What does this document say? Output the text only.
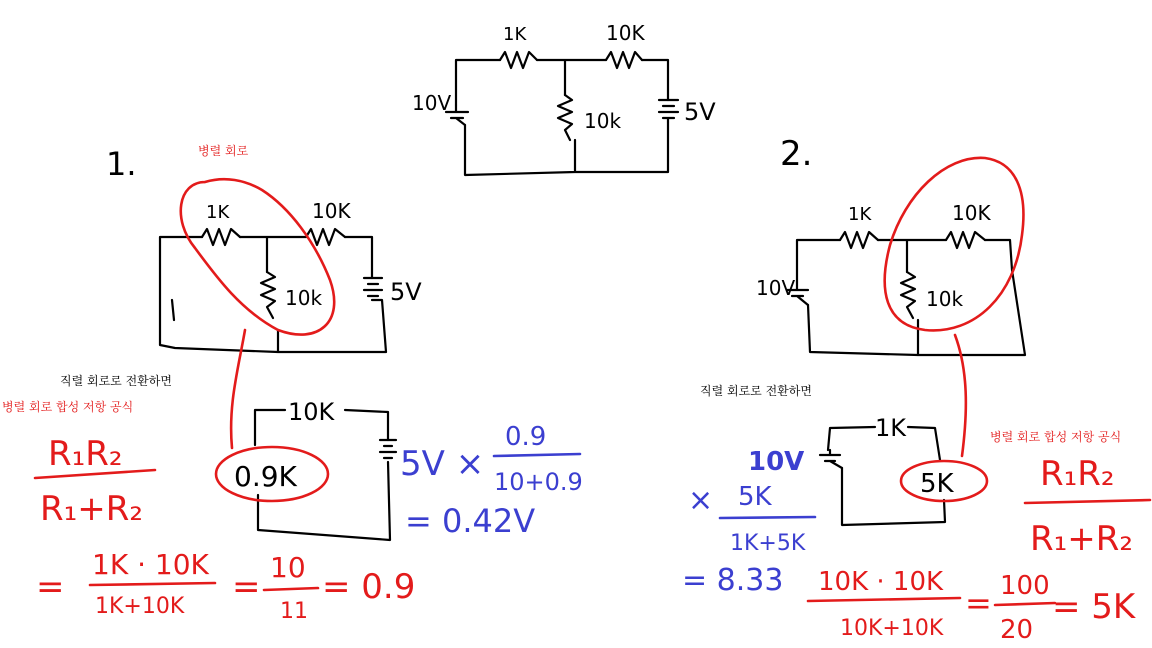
1K	10K
10k
10V	5V
1.	병렬 회로
1K	10K
10k	5V
직렬 회로로 전환하면
병렬 회로 합성 저항 공식
R₁R₂
R₁+R₂
=
1K · 10K
1K+10K = 10
11
= 0.9
10K
0.9K	5V ×
0.9
10+0.9
= 0.42V
2.
1K	10K
10k
10V
직렬 회로로 전환하면
병렬 회로 합성 저항 공식
1K
10V
5K	R₁R₂
R₁+R₂
× 5K
1K+5K
= 8.33 10K · 10K
10K+10K
= 100
20
= 5K
